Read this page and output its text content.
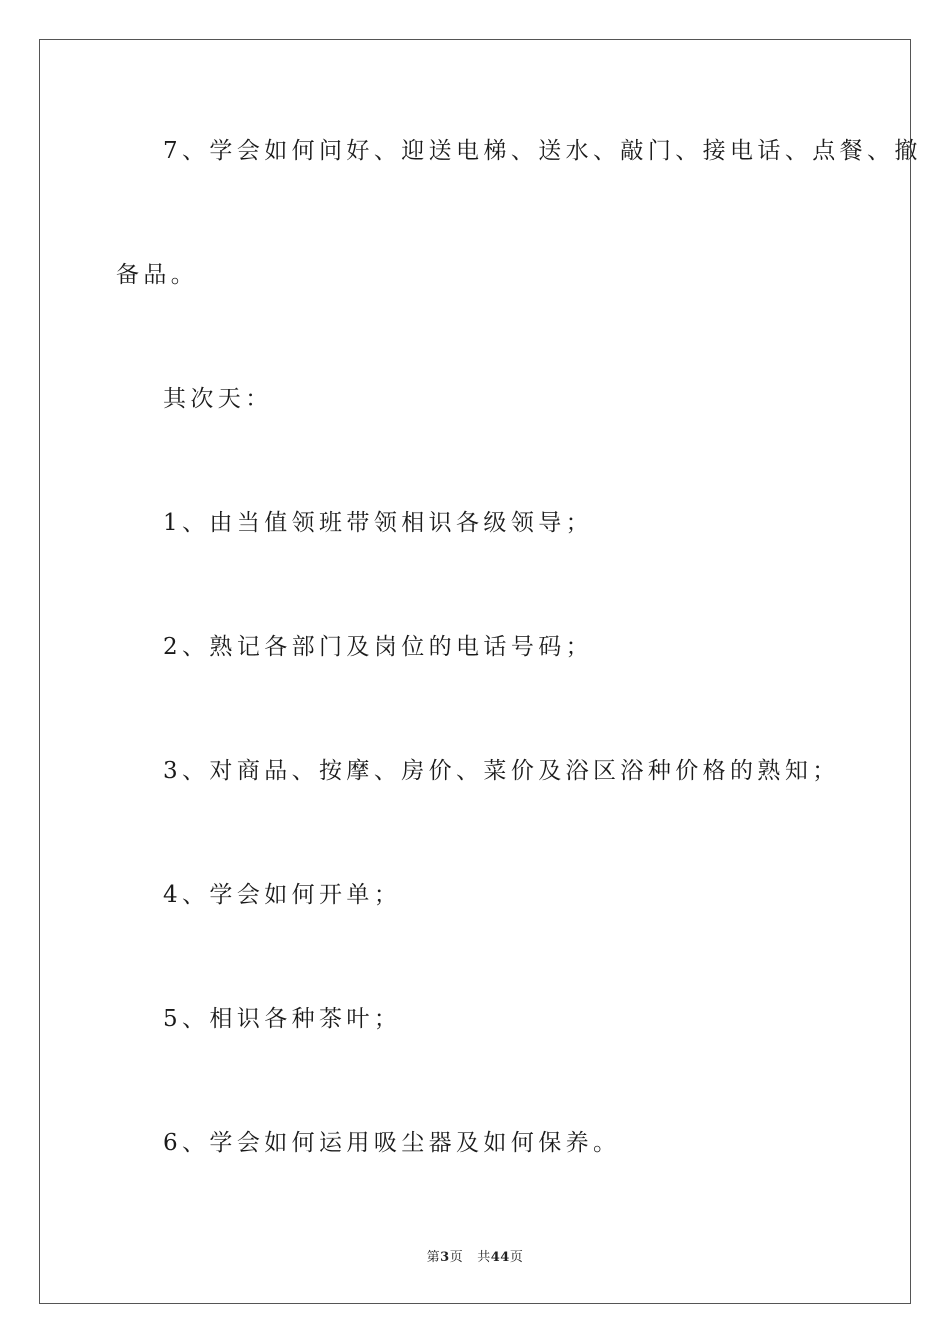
7、学会如何问好、迎送电梯、送水、敲门、接电话、点餐、撤
备品。
其次天：
1、由当值领班带领相识各级领导；
2、熟记各部门及岗位的电话号码；
3、对商品、按摩、房价、菜价及浴区浴种价格的熟知；
4、学会如何开单；
5、相识各种茶叶；
6、学会如何运用吸尘器及如何保养。
第3页 共44页
